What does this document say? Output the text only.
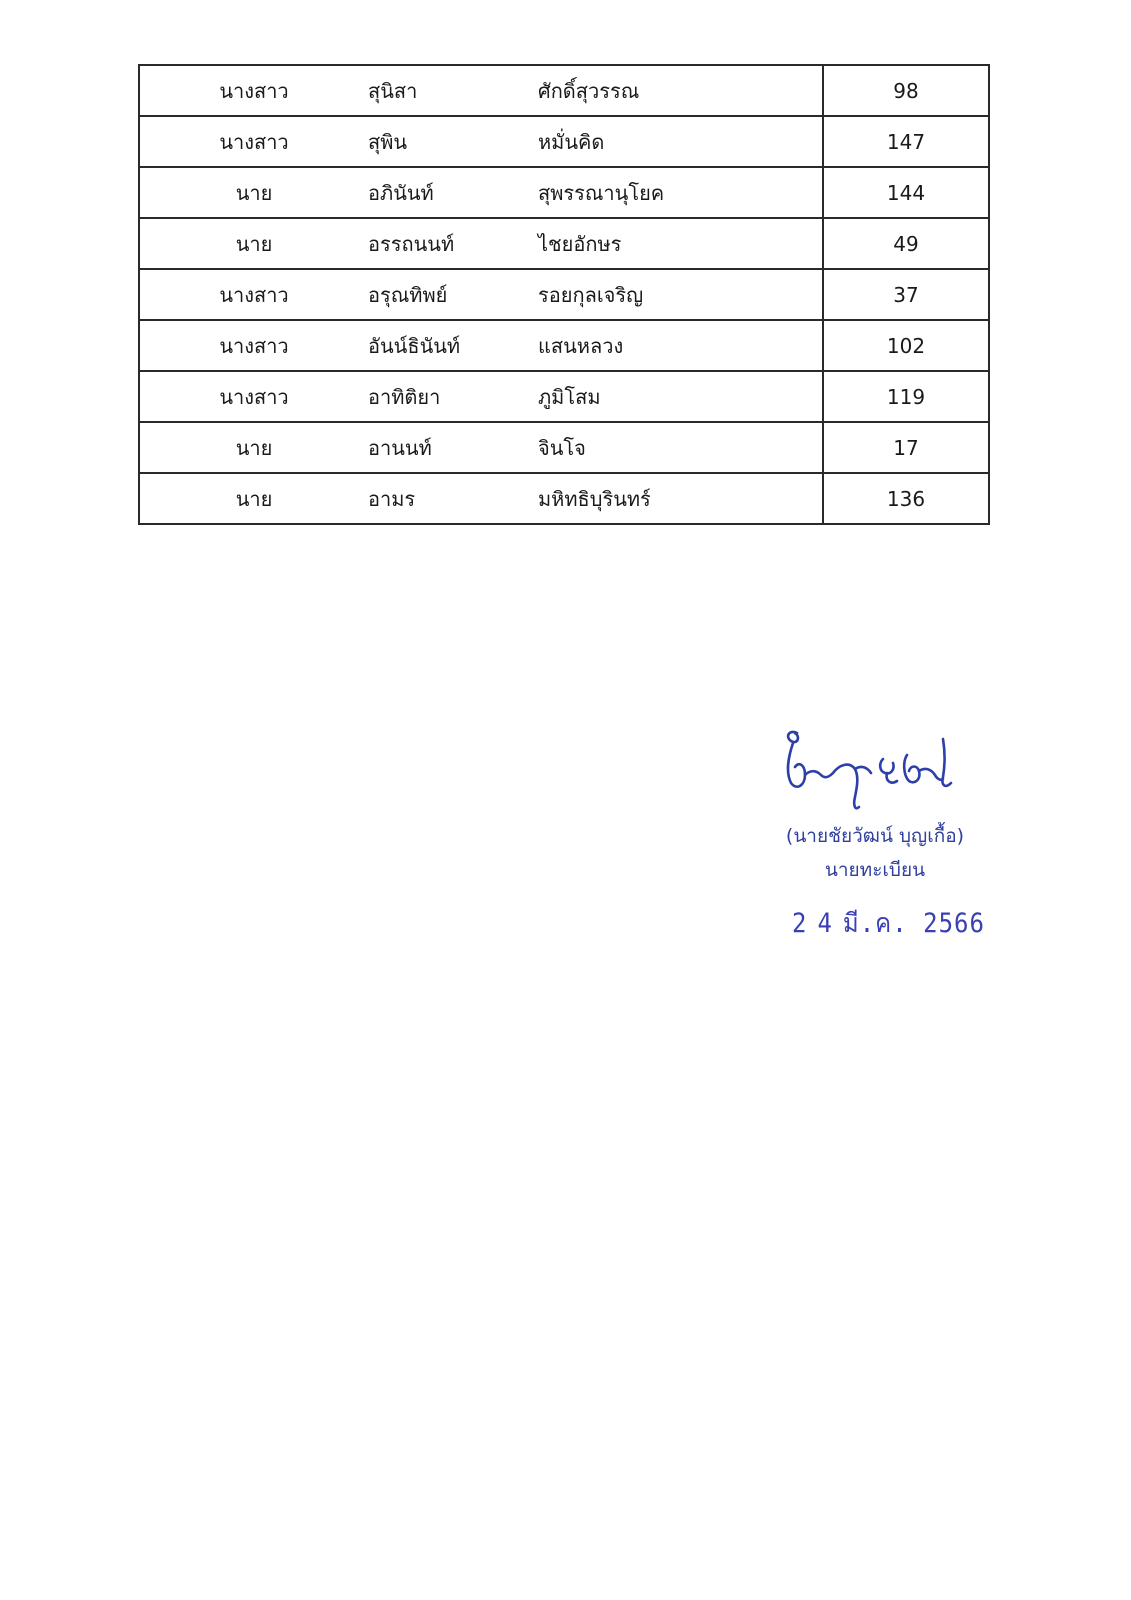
นางสาว	สุนิสา	ศักดิ์สุวรรณ	98
นางสาว	สุพิน	หมั่นคิด	147
นาย	อภินันท์	สุพรรณานุโยค	144
นาย	อรรถนนท์	ไชยอักษร	49
นางสาว	อรุณทิพย์	รอยกุลเจริญ	37
นางสาว	อันน์ธินันท์	แสนหลวง	102
นางสาว	อาทิติยา	ภูมิโสม	119
นาย	อานนท์	จินโจ	17
นาย	อามร	มหิทธิบุรินทร์	136
(นายชัยวัฒน์ บุญเกื้อ)
นายทะเบียน
2 4 มี.ค. 2566
